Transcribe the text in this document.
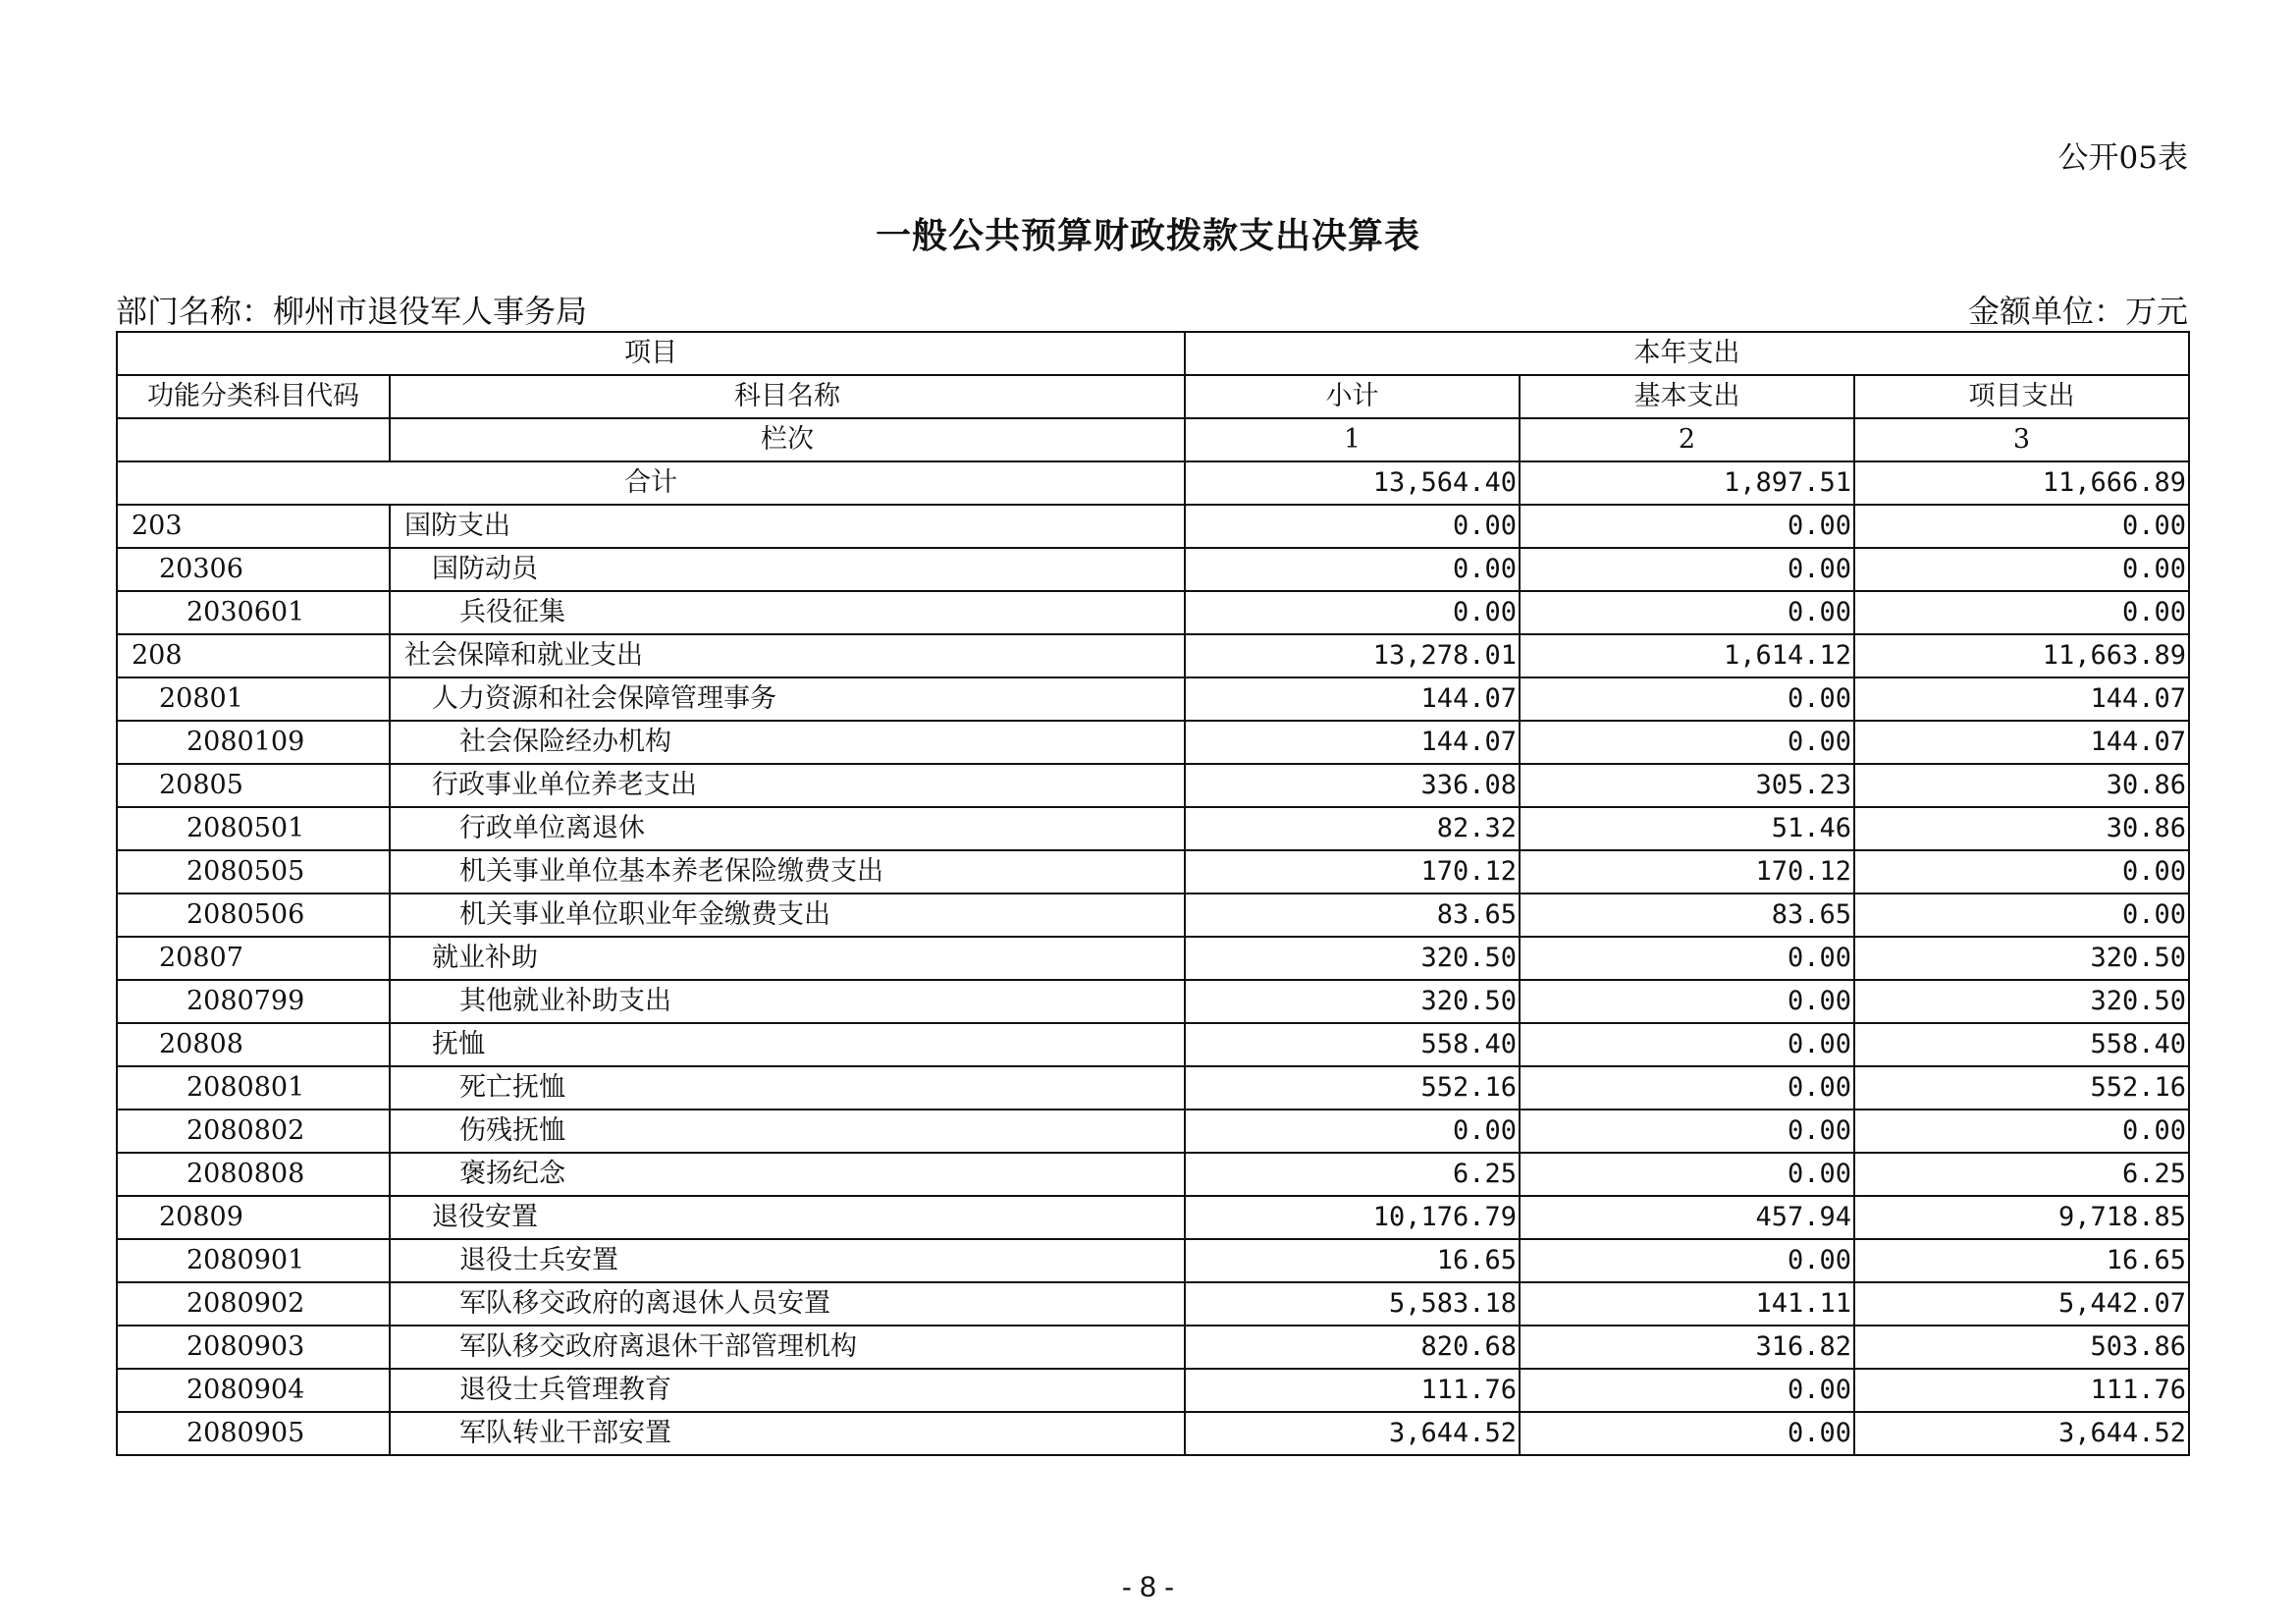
公开05表
一般公共预算财政拨款支出决算表
部门名称：柳州市退役军人事务局	金额单位：万元
项目		本年支出		
功能分类科目代码	科目名称	小计	基本支出	项目支出
	栏次	1	2	3
合计		13,564.40	1,897.51	11,666.89
203	国防支出	0.00	0.00	0.00
20306	国防动员	0.00	0.00	0.00
2030601	兵役征集	0.00	0.00	0.00
208	社会保障和就业支出	13,278.01	1,614.12	11,663.89
20801	人力资源和社会保障管理事务	144.07	0.00	144.07
2080109	社会保险经办机构	144.07	0.00	144.07
20805	行政事业单位养老支出	336.08	305.23	30.86
2080501	行政单位离退休	82.32	51.46	30.86
2080505	机关事业单位基本养老保险缴费支出	170.12	170.12	0.00
2080506	机关事业单位职业年金缴费支出	83.65	83.65	0.00
20807	就业补助	320.50	0.00	320.50
2080799	其他就业补助支出	320.50	0.00	320.50
20808	抚恤	558.40	0.00	558.40
2080801	死亡抚恤	552.16	0.00	552.16
2080802	伤残抚恤	0.00	0.00	0.00
2080808	褒扬纪念	6.25	0.00	6.25
20809	退役安置	10,176.79	457.94	9,718.85
2080901	退役士兵安置	16.65	0.00	16.65
2080902	军队移交政府的离退休人员安置	5,583.18	141.11	5,442.07
2080903	军队移交政府离退休干部管理机构	820.68	316.82	503.86
2080904	退役士兵管理教育	111.76	0.00	111.76
2080905	军队转业干部安置	3,644.52	0.00	3,644.52
- 8 -
